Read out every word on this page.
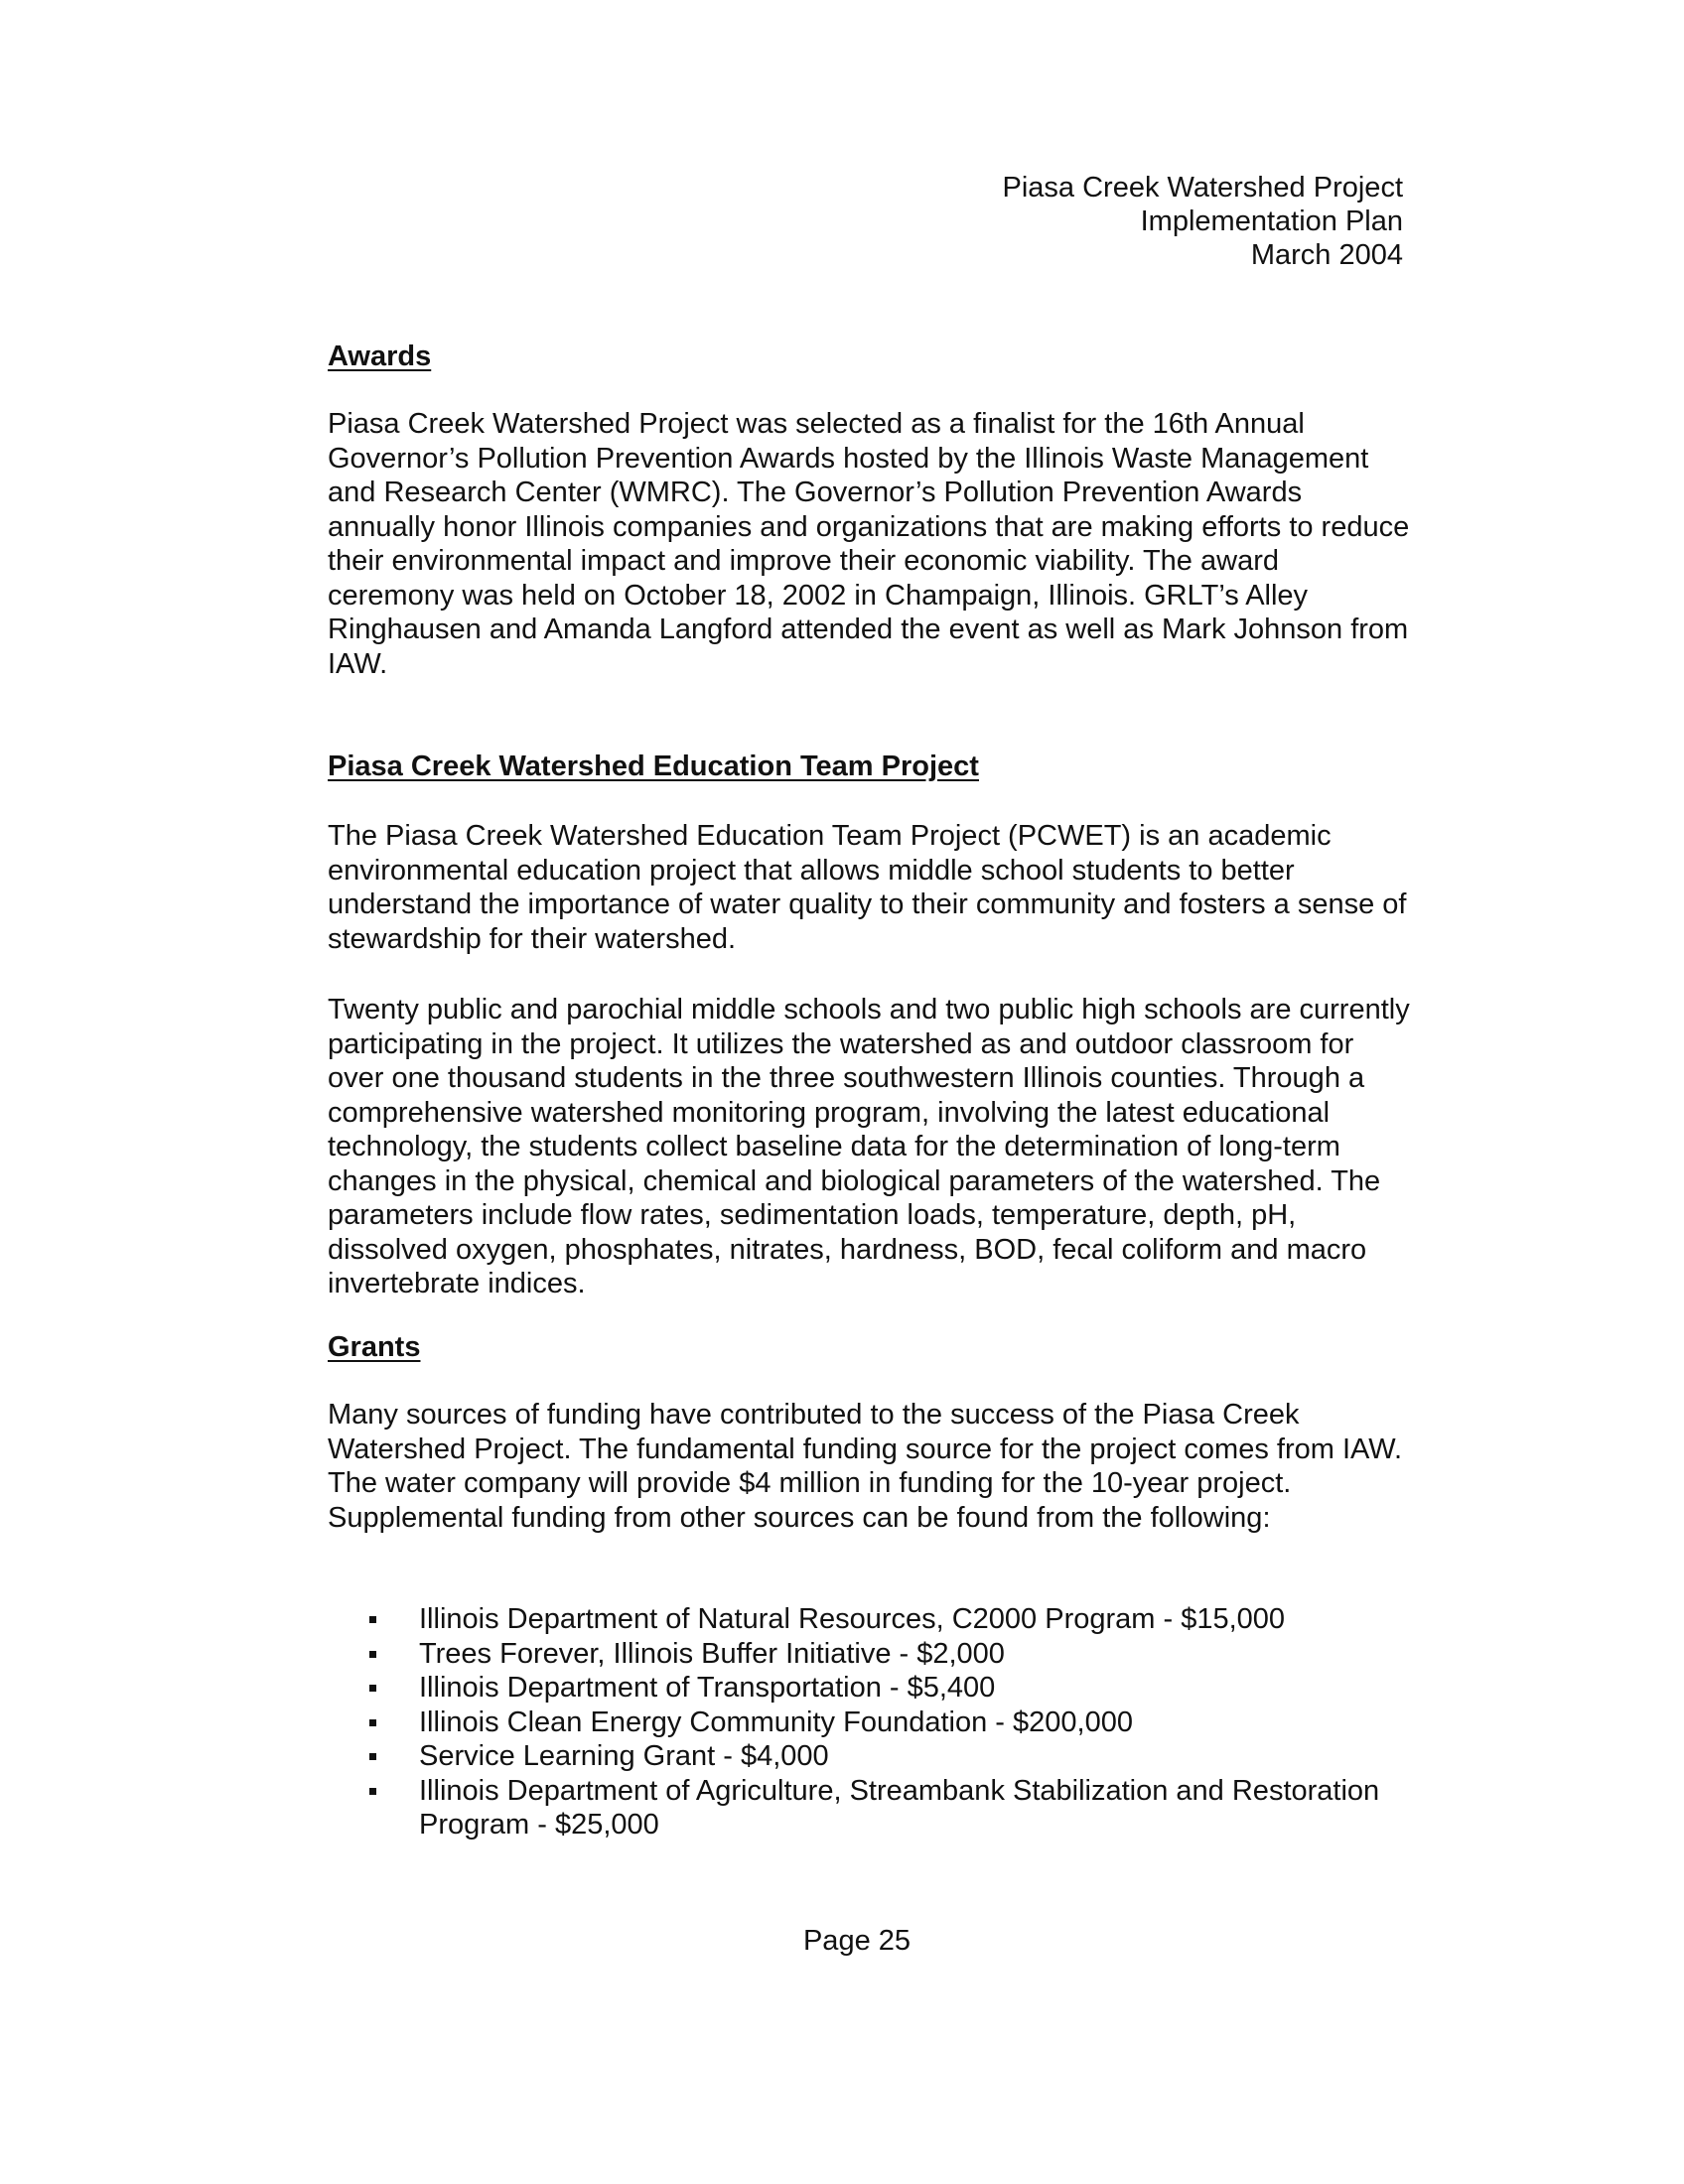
Piasa Creek Watershed Project
Implementation Plan
March 2004
Awards

Piasa Creek Watershed Project was selected as a finalist for the 16th Annual Governor’s Pollution Prevention Awards hosted by the Illinois Waste Management and Research Center (WMRC). The Governor’s Pollution Prevention Awards annually honor Illinois companies and organizations that are making efforts to reduce their environmental impact and improve their economic viability. The award ceremony was held on October 18, 2002 in Champaign, Illinois. GRLT’s Alley Ringhausen and Amanda Langford attended the event as well as Mark Johnson from IAW.

Piasa Creek Watershed Education Team Project

The Piasa Creek Watershed Education Team Project (PCWET) is an academic environmental education project that allows middle school students to better understand the importance of water quality to their community and fosters a sense of stewardship for their watershed.

Twenty public and parochial middle schools and two public high schools are currently participating in the project. It utilizes the watershed as and outdoor classroom for over one thousand students in the three southwestern Illinois counties. Through a comprehensive watershed monitoring program, involving the latest educational technology, the students collect baseline data for the determination of long-term changes in the physical, chemical and biological parameters of the watershed. The parameters include flow rates, sedimentation loads, temperature, depth, pH, dissolved oxygen, phosphates, nitrates, hardness, BOD, fecal coliform and macro invertebrate indices.

Grants

Many sources of funding have contributed to the success of the Piasa Creek Watershed Project. The fundamental funding source for the project comes from IAW. The water company will provide $4 million in funding for the 10-year project. Supplemental funding from other sources can be found from the following:

Illinois Department of Natural Resources, C2000 Program - $15,000
Trees Forever, Illinois Buffer Initiative - $2,000
Illinois Department of Transportation - $5,400
Illinois Clean Energy Community Foundation - $200,000
Service Learning Grant - $4,000
Illinois Department of Agriculture, Streambank Stabilization and Restoration Program - $25,000
Page 25
